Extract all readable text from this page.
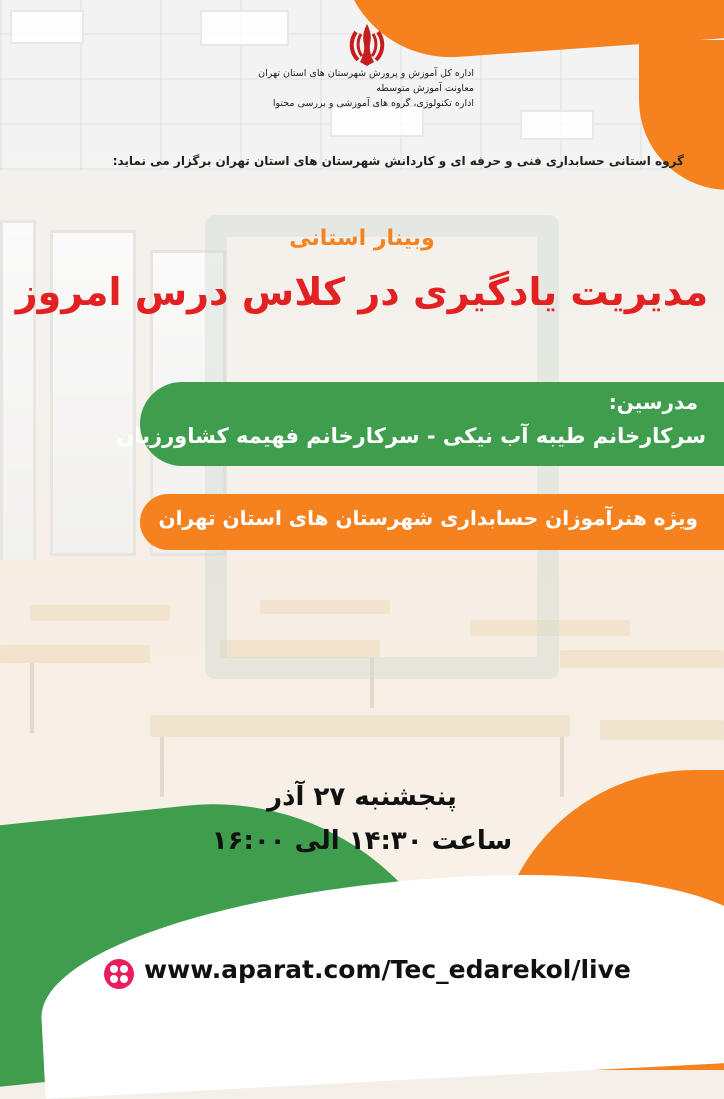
اداره کل آموزش و پرورش شهرستان های استان تهران
معاونت آموزش متوسطه
اداره تکنولوژی، گروه های آموزشی و بررسی محتوا
گروه استانی حسابداری فنی و حرفه ای و کاردانش شهرستان های استان تهران برگزار می نماید:
وبینار استانی
مدیریت یادگیری در کلاس درس امروز
مدرسین:
سرکارخانم طیبه آب نیکی - سرکارخانم فهیمه کشاورزیان
ویژه هنرآموزان حسابداری شهرستان های استان تهران
پنجشنبه ۲۷ آذر
ساعت ۱۴:۳۰ الی ۱۶:۰۰
www.aparat.com/Tec_edarekol/live
